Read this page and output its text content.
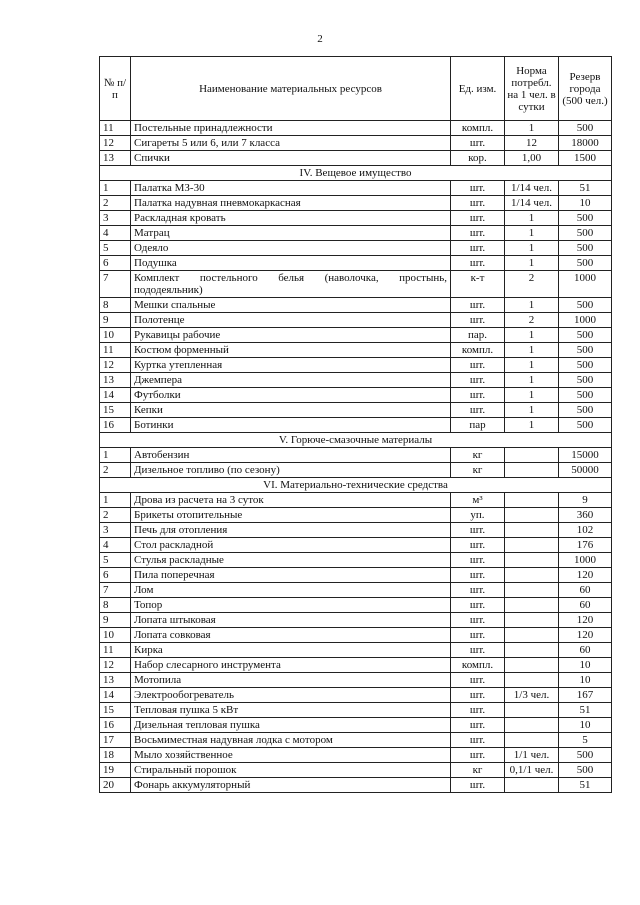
2
№ п/п	Наименование материальных ресурсов	Ед. изм.	Норма потребл. на 1 чел. в сутки	Резерв города (500 чел.)
11	Постельные принадлежности	компл.	1	500
12	Сигареты 5 или 6, или 7 класса	шт.	12	18000
13	Спички	кор.	1,00	1500
IV. Вещевое имущество				
1	Палатка МЗ-30	шт.	1/14 чел.	51
2	Палатка надувная пневмокаркасная	шт.	1/14 чел.	10
3	Раскладная кровать	шт.	1	500
4	Матрац	шт.	1	500
5	Одеяло	шт.	1	500
6	Подушка	шт.	1	500
7	Комплект постельного белья (наволочка, простынь, пододеяльник)	к-т	2	1000
8	Мешки спальные	шт.	1	500
9	Полотенце	шт.	2	1000
10	Рукавицы рабочие	пар.	1	500
11	Костюм форменный	компл.	1	500
12	Куртка утепленная	шт.	1	500
13	Джемпера	шт.	1	500
14	Футболки	шт.	1	500
15	Кепки	шт.	1	500
16	Ботинки	пар	1	500
V. Горюче-смазочные материалы				
1	Автобензин	кг		15000
2	Дизельное топливо (по сезону)	кг		50000
VI. Материально-технические средства				
1	Дрова из расчета на 3 суток	м³		9
2	Брикеты отопительные	уп.		360
3	Печь для отопления	шт.		102
4	Стол раскладной	шт.		176
5	Стулья раскладные	шт.		1000
6	Пила поперечная	шт.		120
7	Лом	шт.		60
8	Топор	шт.		60
9	Лопата штыковая	шт.		120
10	Лопата совковая	шт.		120
11	Кирка	шт.		60
12	Набор слесарного инструмента	компл.		10
13	Мотопила	шт.		10
14	Электрообогреватель	шт.	1/3 чел.	167
15	Тепловая пушка 5 кВт	шт.		51
16	Дизельная тепловая пушка	шт.		10
17	Восьмиместная надувная лодка с мотором	шт.		5
18	Мыло хозяйственное	шт.	1/1 чел.	500
19	Стиральный порошок	кг	0,1/1 чел.	500
20	Фонарь аккумуляторный	шт.		51
